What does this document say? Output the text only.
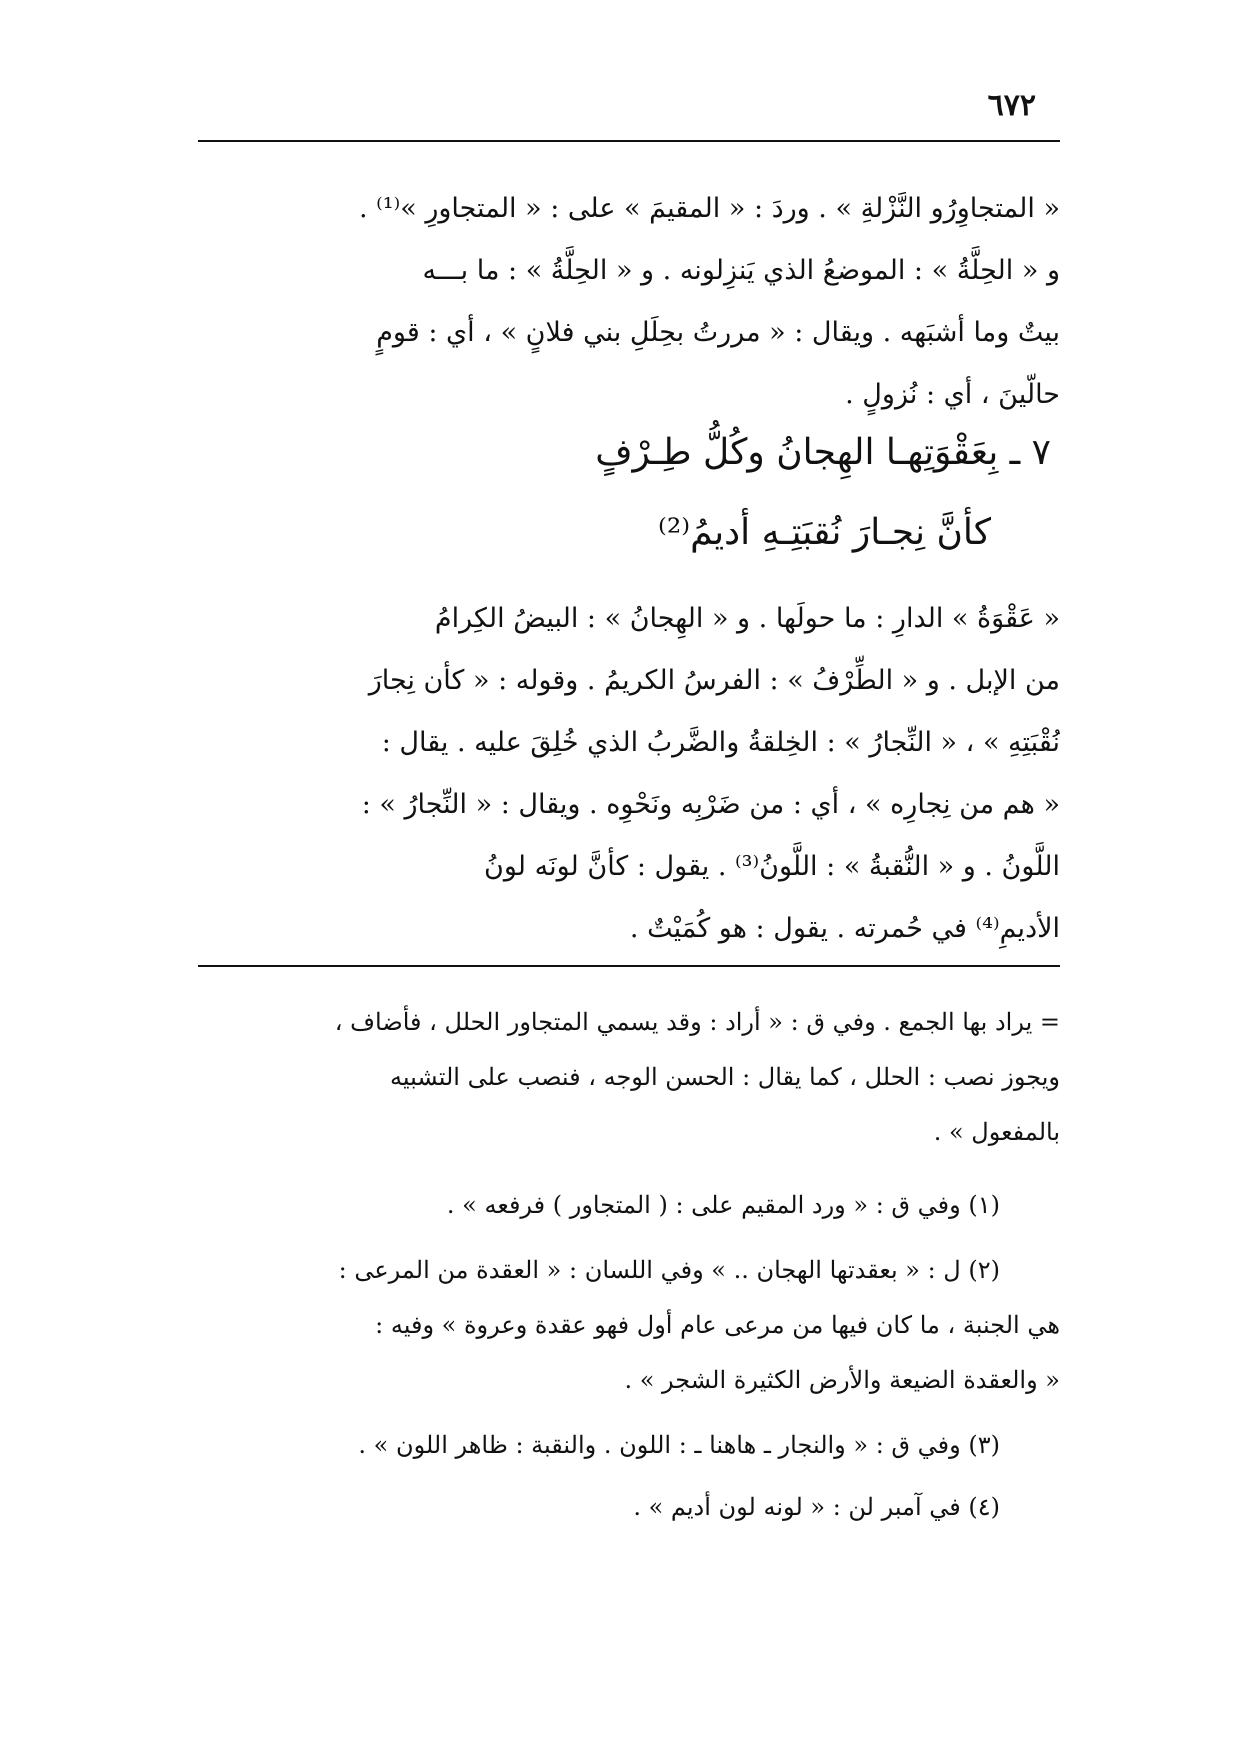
٦٧٢
« المتجاوِرُو النَّزْلةِ » . وردَ : « المقيمَ » على : « المتجاورِ »⁽¹⁾ .
و « الحِلَّةُ » : الموضعُ الذي يَنزِلونه . و « الحِلَّةُ » : ما بـــه
بيتٌ وما أشبَهه . ويقال : « مررتُ بحِلَلِ بني فلانٍ » ، أي : قومٍ
حالّينَ ، أي : نُزولٍ .
٧ ـ بِعَقْوَتِهـا الهِجانُ وكُلُّ طِـرْفٍ
كأنَّ نِجـارَ نُقبَتِـهِ أديمُ⁽²⁾
« عَقْوَةُ » الدارِ : ما حولَها . و « الهِجانُ » : البيضُ الكِرامُ
من الإبل . و « الطِّرْفُ » : الفرسُ الكريمُ . وقوله : « كأن نِجارَ
نُقْبَتِهِ » ، « النِّجارُ » : الخِلقةُ والضَّربُ الذي خُلِقَ عليه . يقال :
« هم من نِجارِه » ، أي : من ضَرْبِه ونَحْوِه . ويقال : « النِّجارُ » :
اللَّونُ . و « النُّقبةُ » : اللَّونُ⁽³⁾ . يقول : كأنَّ لونَه لونُ
الأديمِ⁽⁴⁾ في حُمرته . يقول : هو كُمَيْتٌ .
= يراد بها الجمع . وفي ق : « أراد : وقد يسمي المتجاور الحلل ، فأضاف ،
ويجوز نصب : الحلل ، كما يقال : الحسن الوجه ، فنصب على التشبيه
بالمفعول » .
(١) وفي ق : « ورد المقيم على : ( المتجاور ) فرفعه » .
(٢) ل : « بعقدتها الهجان .. » وفي اللسان : « العقدة من المرعى :
هي الجنبة ، ما كان فيها من مرعى عام أول فهو عقدة وعروة » وفيه :
« والعقدة الضيعة والأرض الكثيرة الشجر » .
(٣) وفي ق : « والنجار ـ هاهنا ـ : اللون . والنقبة : ظاهر اللون » .
(٤) في آمبر لن : « لونه لون أديم » .
